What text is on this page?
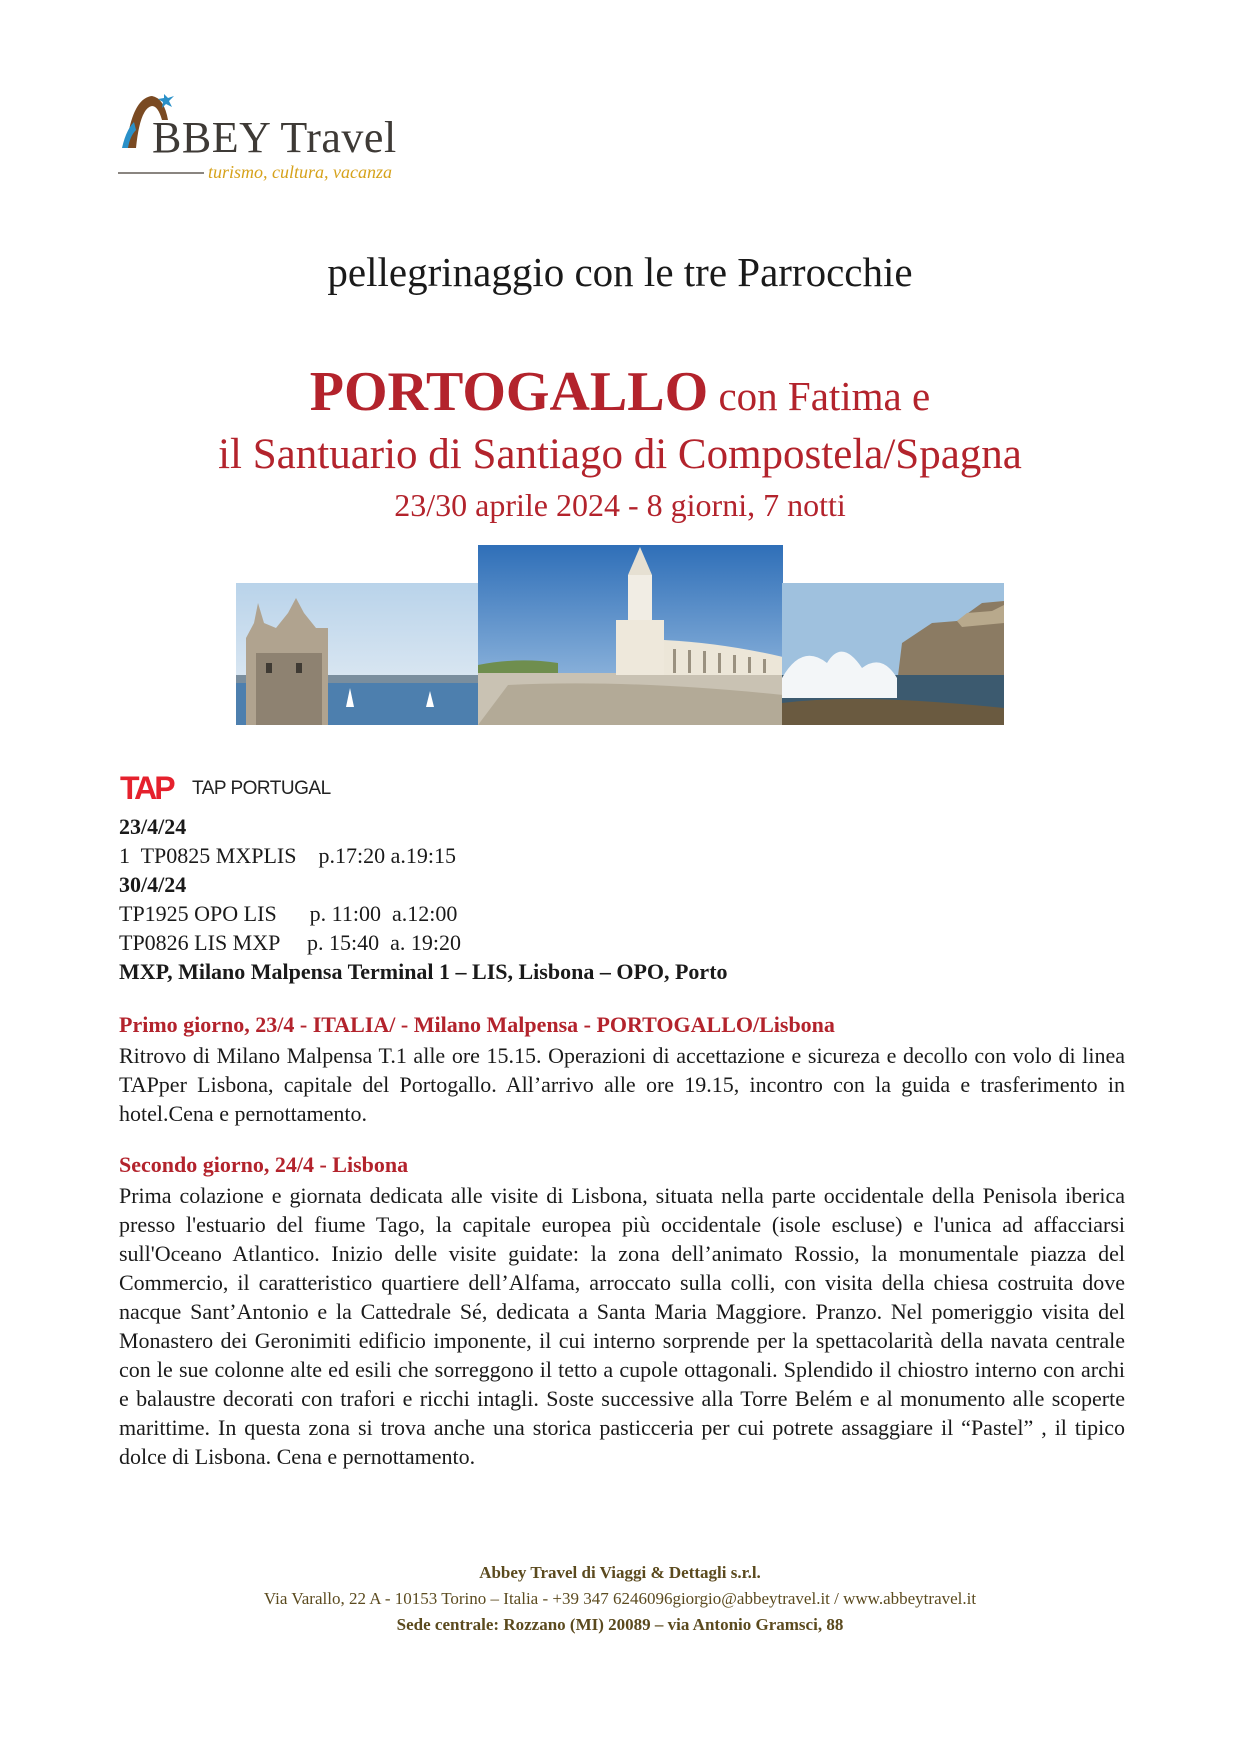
BBEY Travel
turismo, cultura, vacanza
pellegrinaggio con le tre Parrocchie
PORTOGALLO con Fatima e
il Santuario di Santiago di Compostela/Spagna
23/30 aprile 2024 - 8 giorni, 7 notti
TAP TAP PORTUGAL
23/4/24
1  TP0825 MXPLIS    p.17:20 a.19:15
30/4/24
TP1925 OPO LIS      p. 11:00  a.12:00
TP0826 LIS MXP     p. 15:40  a. 19:20
MXP, Milano Malpensa Terminal 1 – LIS, Lisbona – OPO, Porto
Primo giorno, 23/4 - ITALIA/ - Milano Malpensa - PORTOGALLO/Lisbona
Ritrovo di Milano Malpensa T.1 alle ore 15.15. Operazioni di accettazione e sicureza e decollo con volo di linea TAPper Lisbona, capitale del Portogallo. All’arrivo alle ore 19.15, incontro con la guida e trasferimento in hotel.Cena e pernottamento.
Secondo giorno, 24/4 - Lisbona
Prima colazione e giornata dedicata alle visite di Lisbona, situata nella parte occidentale della Penisola iberica presso l'estuario del fiume Tago, la capitale europea più occidentale (isole escluse) e l'unica ad affacciarsi sull'Oceano Atlantico. Inizio delle visite guidate: la zona dell’animato Rossio, la monumentale piazza del Commercio, il caratteristico quartiere dell’Alfama, arroccato sulla colli, con visita della chiesa costruita dove nacque Sant’Antonio e la Cattedrale Sé, dedicata a Santa Maria Maggiore. Pranzo. Nel pomeriggio visita del Monastero dei Geronimiti edificio imponente, il cui interno sorprende per la spettacolarità della navata centrale con le sue colonne alte ed esili che sorreggono il tetto a cupole ottagonali. Splendido il chiostro interno con archi e balaustre decorati con trafori e ricchi intagli. Soste successive alla Torre Belém e al monumento alle scoperte marittime. In questa zona si trova anche una storica pasticceria per cui potrete assaggiare il “Pastel” , il tipico dolce di Lisbona. Cena e pernottamento.
Abbey Travel di Viaggi & Dettagli s.r.l.
Via Varallo, 22 A - 10153 Torino – Italia - +39 347 6246096giorgio@abbeytravel.it / www.abbeytravel.it
Sede centrale: Rozzano (MI) 20089 – via Antonio Gramsci, 88
